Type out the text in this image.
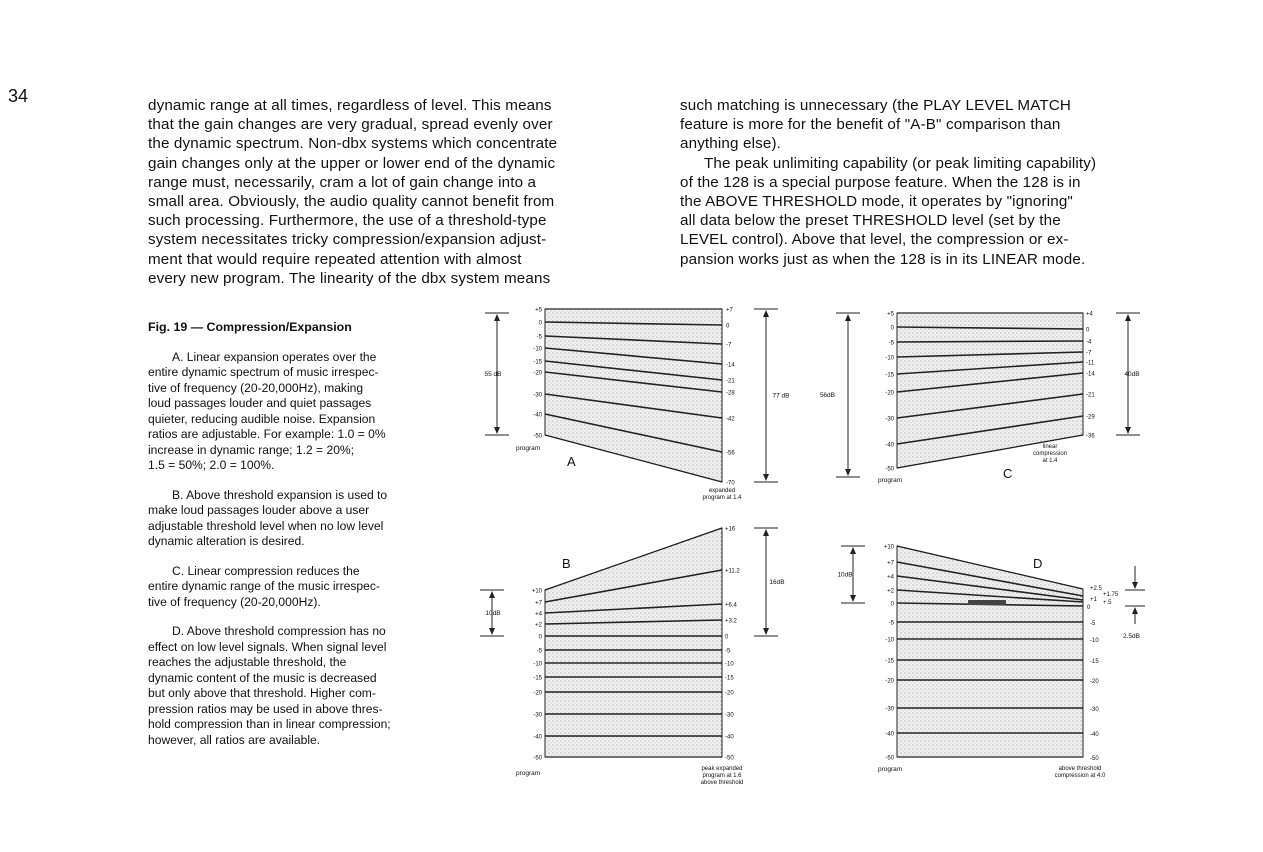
34	dynamic range at all times, regardless of level. This means

that the gain changes are very gradual, spread evenly over

the dynamic spectrum. Non-dbx systems which concentrate

gain changes only at the upper or lower end of the dynamic

range must, necessarily, cram a lot of gain change into a

small area. Obviously, the audio quality cannot benefit from

such processing. Furthermore, the use of a threshold-type

system necessitates tricky compression/expansion adjust-

ment that would require repeated attention with almost

every new program. The linearity of the dbx system means

such matching is unnecessary (the PLAY LEVEL MATCH

feature is more for the benefit of "A-B" comparison than

anything else).

The peak unlimiting capability (or peak limiting capability)

of the 128 is a special purpose feature. When the 128 is in

the ABOVE THRESHOLD mode, it operates by "ignoring"

all data below the preset THRESHOLD level (set by the

LEVEL control). Above that level, the compression or ex-

pansion works just as when the 128 is in its LINEAR mode.

Fig. 19 — Compression/Expansion

A. Linear expansion operates over the
entire dynamic spectrum of music irrespec-
tive of frequency (20-20,000Hz), making
loud passages louder and quiet passages
quieter, reducing audible noise. Expansion
ratios are adjustable. For example: 1.0 = 0%
increase in dynamic range; 1.2 = 20%;
1.5 = 50%; 2.0 = 100%.

B. Above threshold expansion is used to
make loud passages louder above a user
adjustable threshold level when no low level
dynamic alteration is desired.

C. Linear compression reduces the
entire dynamic range of the music irrespec-
tive of frequency (20-20,000Hz).

D. Above threshold compression has no
effect on low level signals. When signal level
reaches the adjustable threshold, the
dynamic content of the music is decreased
but only above that threshold. Higher com-
pression ratios may be used in above thres-
hold compression than in linear compression;
however, all ratios are available.

+5
0
-5
-10
-15
-20
-30
-40
-50
+7
0
-7
-14
-21
-28
-42
-56
-70
A
program
expanded
program at 1.4
55 dB
77 dB
+10
+7
+4
+2
0
-5
-10
-15
-20
-30
-40
-50
+16
+11.2
+6.4
+3.2
0
-5
-10
-15
-20
-30
-40
-50
B
program
peak expanded
program at 1.6
above threshold
10dB
16dB
+5
0
-5
-10
-15
-20
-30
-40
-50
+4
0
-4
-7
-11
-14
-21
-29
-36
C
program
linear
compression
at 1.4
56dB
40dB
+10
+7
+4
+2
0
-5
-10
-15
-20
-30
-40
-50
+2.5
+1.75
+1 +.5
0
-5
-10
-15
-20
-30
-40
-50
D
program	above threshold
compression at 4.0
10dB
2.5dB
